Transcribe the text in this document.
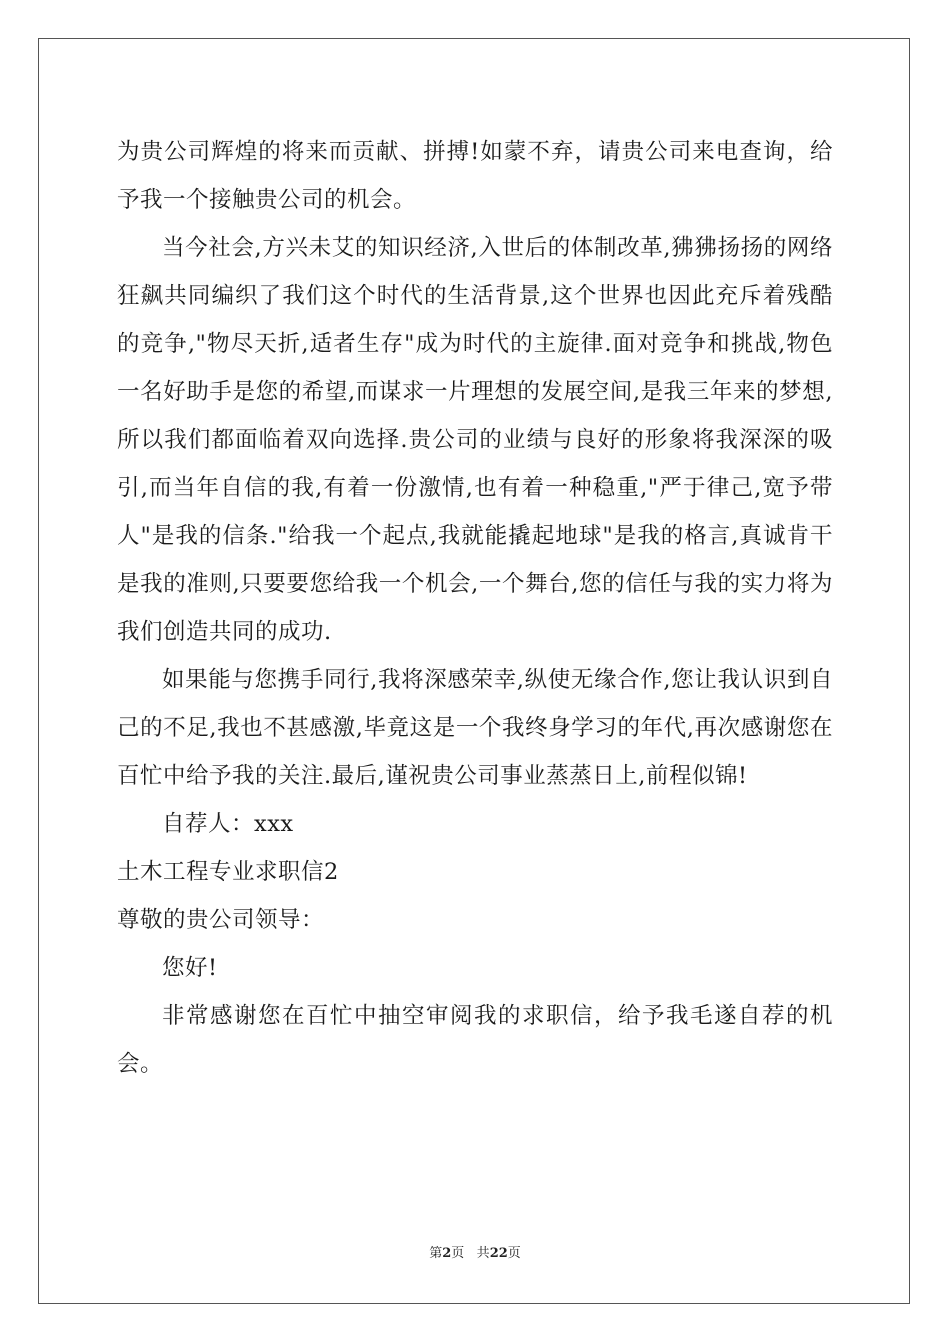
为贵公司辉煌的将来而贡献、拼搏!如蒙不弃，请贵公司来电查询，给予我一个接触贵公司的机会。

当今社会,方兴未艾的知识经济,入世后的体制改革,狒狒扬扬的网络狂飙共同编织了我们这个时代的生活背景,这个世界也因此充斥着残酷的竞争,"物尽天折,适者生存"成为时代的主旋律.面对竞争和挑战,物色一名好助手是您的希望,而谋求一片理想的发展空间,是我三年来的梦想,所以我们都面临着双向选择.贵公司的业绩与良好的形象将我深深的吸引,而当年自信的我,有着一份激情,也有着一种稳重,"严于律己,宽予带人"是我的信条."给我一个起点,我就能撬起地球"是我的格言,真诚肯干是我的准则,只要要您给我一个机会,一个舞台,您的信任与我的实力将为我们创造共同的成功.

如果能与您携手同行,我将深感荣幸,纵使无缘合作,您让我认识到自己的不足,我也不甚感激,毕竟这是一个我终身学习的年代,再次感谢您在百忙中给予我的关注.最后,谨祝贵公司事业蒸蒸日上,前程似锦!

自荐人：xxx

土木工程专业求职信2

尊敬的贵公司领导：

您好!

非常感谢您在百忙中抽空审阅我的求职信，给予我毛遂自荐的机会。

第2页 共22页
